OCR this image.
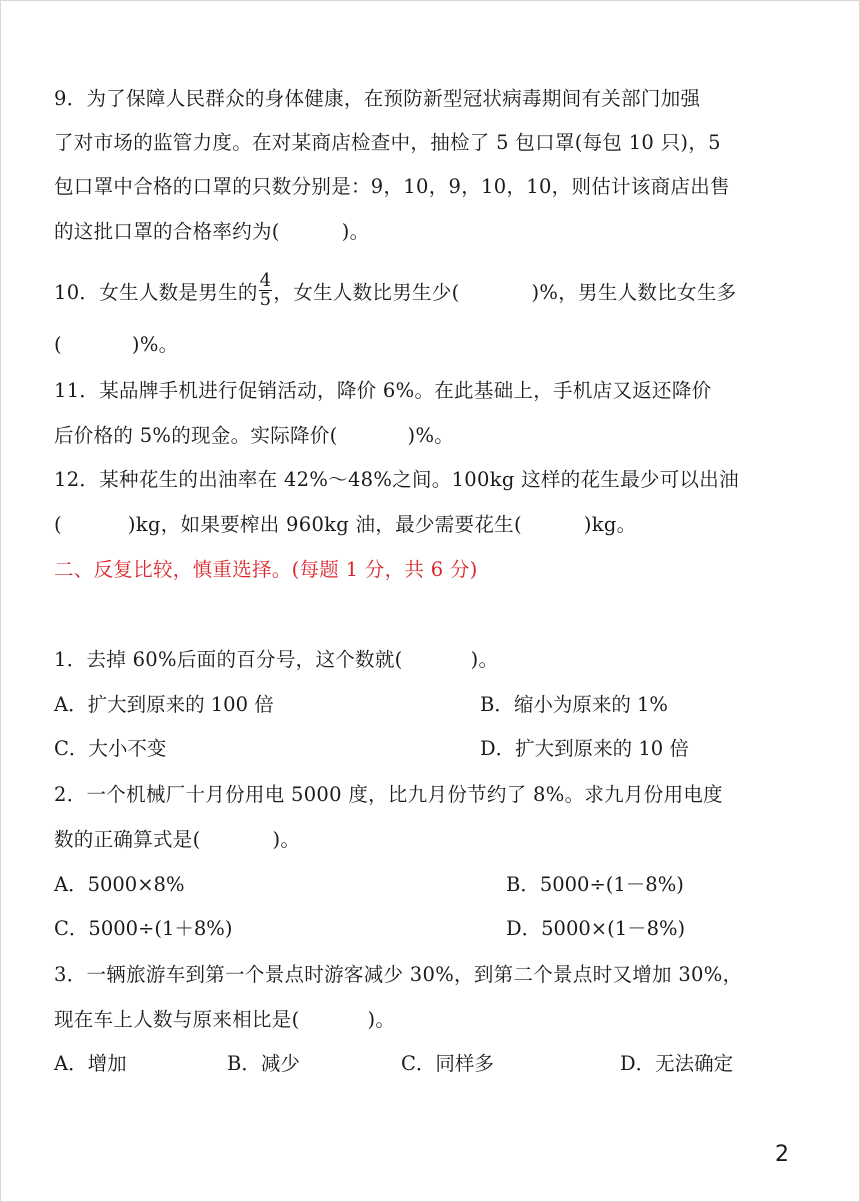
9．为了保障人民群众的身体健康，在预防新型冠状病毒期间有关部门加强
了对市场的监管力度。在对某商店检查中，抽检了 5 包口罩(每包 10 只)，5
包口罩中合格的口罩的只数分别是：9，10，9，10，10，则估计该商店出售
的这批口罩的合格率约为(	)。
10．女生人数是男生的 $\frac{4}{5}$ ，女生人数比男生少(	)%，男生人数比女生多
(	)%。
11．某品牌手机进行促销活动，降价 6%。在此基础上，手机店又返还降价
后价格的 5%的现金。实际降价(	)%。
12．某种花生的出油率在 42%～48%之间。100kg 这样的花生最少可以出油
(	)kg，如果要榨出 960kg 油，最少需要花生(	)kg。
二、反复比较，慎重选择。(每题 1 分，共 6 分)
1．去掉 60%后面的百分号，这个数就(	)。
A．扩大到原来的 100 倍	B．缩小为原来的 1%
C．大小不变	D．扩大到原来的 10 倍
2．一个机械厂十月份用电 5000 度，比九月份节约了 8%。求九月份用电度
数的正确算式是(	)。
A．5000×8%	B．5000÷(1－8%)
C．5000÷(1＋8%)	D．5000×(1－8%)
3．一辆旅游车到第一个景点时游客减少 30%，到第二个景点时又增加 30%，
现在车上人数与原来相比是(	)。
A．增加	B．减少	C．同样多	D．无法确定
2
